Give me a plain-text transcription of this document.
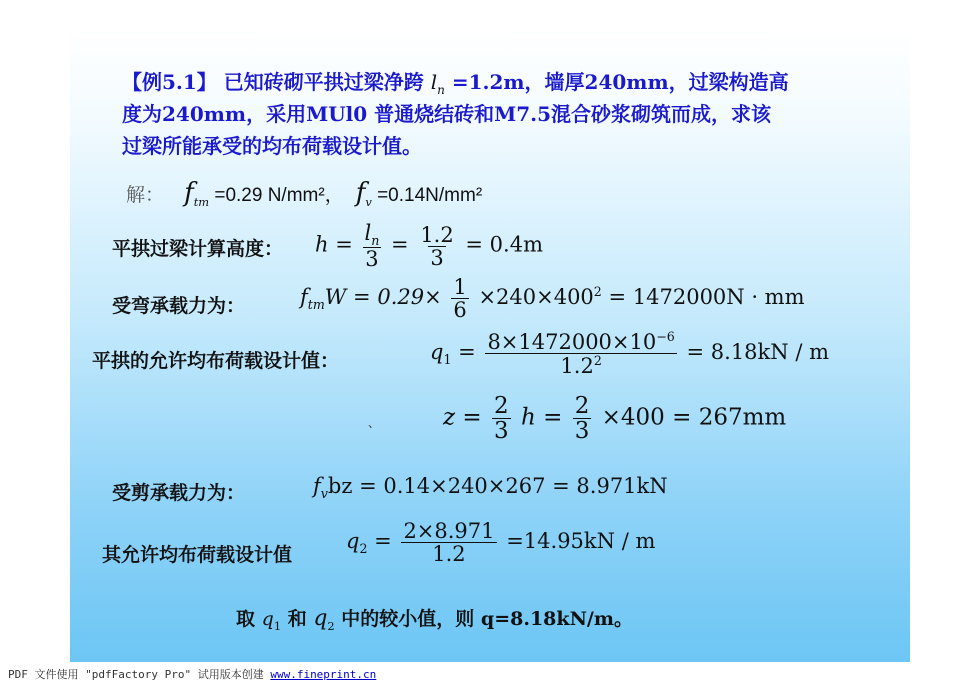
【例5.1】 已知砖砌平拱过梁净跨 $l_n =1.2m$，墙厚240mm，过梁构造高
度为240mm，采用MUl0 普通烧结砖和M7.5混合砂浆砌筑而成，求该
过梁所能承受的均布荷载设计值。
解： $f_{tm} =0.29$ N/mm²， $f_v =0.14N/mm^2$
平拱过梁计算高度： $h = \frac{l_n}{3} = \frac{1.2}{3} = 0.4m$
受弯承载力为：	$f_{tm}W = 0.29\times \frac{1}{6} \times 240\times 400^2 = 1472000N$ · mm
平拱的允许均布荷载设计值：	$q_1 = \frac{8\times 1472000\times 10^{-6}}{1.2^2} = 8.18kN / m$
、	$z = \frac{2}{3}$ $h = \frac{2}{3} \times 400 = 267mm$
受剪承载力为：	$f_vbz = 0.14\times 240\times 267 = 8.971kN$
其允许均布荷载设计值
$q_2 = \frac{2\times 8.971}{1.2} =14.95kN / m$
取 $q_1$ 和 $q_2$ 中的较小值，则 q=8.18kN/m。
PDF 文件使用 "pdfFactory Pro" 试用版本创建 www.fineprint.cn
